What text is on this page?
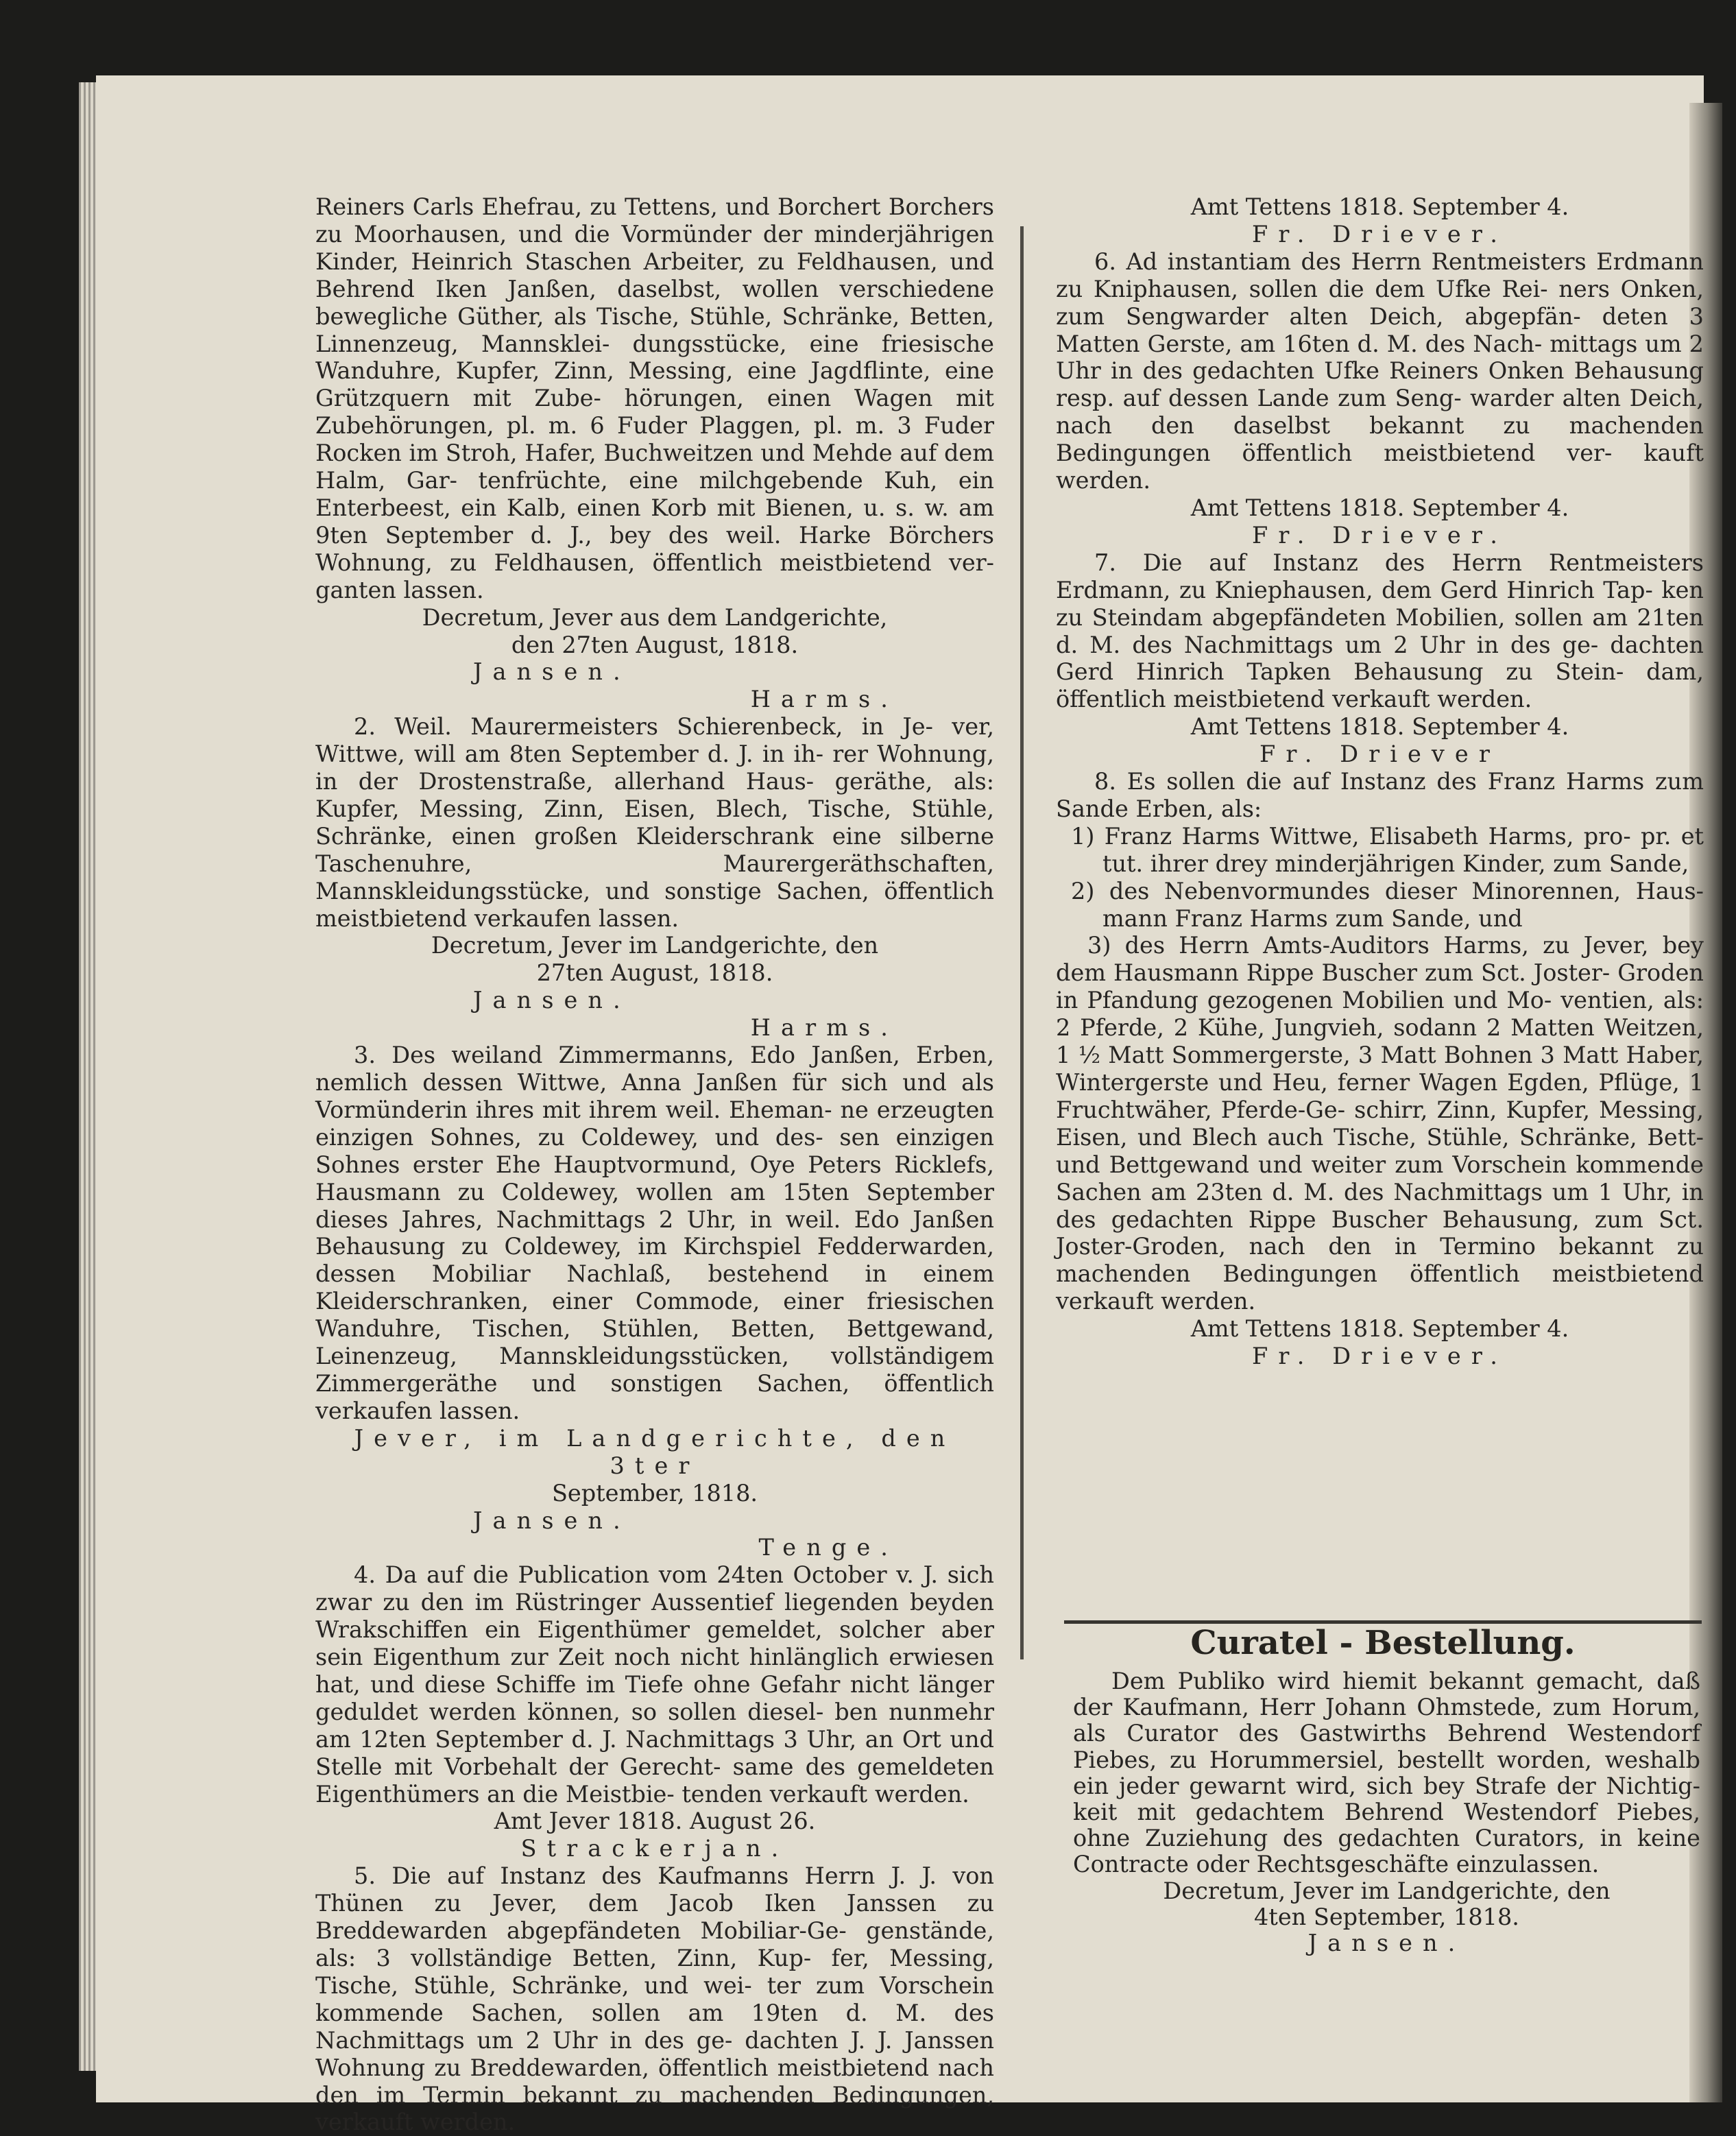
Reiners Carls Ehefrau, zu Tettens, und Borchert Borchers zu Moorhausen, und die Vormünder der minderjährigen Kinder, Heinrich Staschen Arbeiter, zu Feldhausen, und Behrend Iken Janßen, daselbst, wollen verschiedene bewegliche Güther, als Tische, Stühle, Schränke, Betten, Linnenzeug, Mannsklei- dungsstücke, eine friesische Wanduhre, Kupfer, Zinn, Messing, eine Jagdflinte, eine Grützquern mit Zube- hörungen, einen Wagen mit Zubehörungen, pl. m. 6 Fuder Plaggen, pl. m. 3 Fuder Rocken im Stroh, Hafer, Buchweitzen und Mehde auf dem Halm, Gar- tenfrüchte, eine milchgebende Kuh, ein Enterbeest, ein Kalb, einen Korb mit Bienen, u. s. w. am 9ten September d. J., bey des weil. Harke Börchers Wohnung, zu Feldhausen, öffentlich meistbietend ver- ganten lassen.

Decretum, Jever aus dem Landgerichte,

den 27ten August, 1818.

Jansen.

Harms.

2. Weil. Maurermeisters Schierenbeck, in Je- ver, Wittwe, will am 8ten September d. J. in ih- rer Wohnung, in der Drostenstraße, allerhand Haus- geräthe, als: Kupfer, Messing, Zinn, Eisen, Blech, Tische, Stühle, Schränke, einen großen Kleiderschrank eine silberne Taschenuhre, Maurergeräthschaften, Mannskleidungsstücke, und sonstige Sachen, öffentlich meistbietend verkaufen lassen.

Decretum, Jever im Landgerichte, den

27ten August, 1818.

Jansen.

Harms.

3. Des weiland Zimmermanns, Edo Janßen, Erben, nemlich dessen Wittwe, Anna Janßen für sich und als Vormünderin ihres mit ihrem weil. Eheman- ne erzeugten einzigen Sohnes, zu Coldewey, und des- sen einzigen Sohnes erster Ehe Hauptvormund, Oye Peters Ricklefs, Hausmann zu Coldewey, wollen am 15ten September dieses Jahres, Nachmittags 2 Uhr, in weil. Edo Janßen Behausung zu Coldewey, im Kirchspiel Fedderwarden, dessen Mobiliar Nachlaß, bestehend in einem Kleiderschranken, einer Commode, einer friesischen Wanduhre, Tischen, Stühlen, Betten, Bettgewand, Leinenzeug, Mannskleidungsstücken, vollständigem Zimmergeräthe und sonstigen Sachen, öffentlich verkaufen lassen.

Jever, im Landgerichte, den 3ter

September, 1818.

Jansen.

Tenge.

4. Da auf die Publication vom 24ten October v. J. sich zwar zu den im Rüstringer Aussentief liegenden beyden Wrakschiffen ein Eigenthümer gemeldet, solcher aber sein Eigenthum zur Zeit noch nicht hinlänglich erwiesen hat, und diese Schiffe im Tiefe ohne Gefahr nicht länger geduldet werden können, so sollen diesel- ben nunmehr am 12ten September d. J. Nachmittags 3 Uhr, an Ort und Stelle mit Vorbehalt der Gerecht- same des gemeldeten Eigenthümers an die Meistbie- tenden verkauft werden.

Amt Jever 1818. August 26.

Strackerjan.

5. Die auf Instanz des Kaufmanns Herrn J. J. von Thünen zu Jever, dem Jacob Iken Janssen zu Breddewarden abgepfändeten Mobiliar-Ge- genstände, als: 3 vollständige Betten, Zinn, Kup- fer, Messing, Tische, Stühle, Schränke, und wei- ter zum Vorschein kommende Sachen, sollen am 19ten d. M. des Nachmittags um 2 Uhr in des ge- dachten J. J. Janssen Wohnung zu Breddewarden, öffentlich meistbietend nach den im Termin bekannt zu machenden Bedingungen, verkauft werden.

Amt Tettens 1818. September 4.

Fr. Driever.

6. Ad instantiam des Herrn Rentmeisters Erdmann zu Kniphausen, sollen die dem Ufke Rei- ners Onken, zum Sengwarder alten Deich, abgepfän- deten 3 Matten Gerste, am 16ten d. M. des Nach- mittags um 2 Uhr in des gedachten Ufke Reiners Onken Behausung resp. auf dessen Lande zum Seng- warder alten Deich, nach den daselbst bekannt zu machenden Bedingungen öffentlich meistbietend ver- kauft werden.

Amt Tettens 1818. September 4.

Fr. Driever.

7. Die auf Instanz des Herrn Rentmeisters Erdmann, zu Kniephausen, dem Gerd Hinrich Tap- ken zu Steindam abgepfändeten Mobilien, sollen am 21ten d. M. des Nachmittags um 2 Uhr in des ge- dachten Gerd Hinrich Tapken Behausung zu Stein- dam, öffentlich meistbietend verkauft werden.

Amt Tettens 1818. September 4.

Fr. Driever

8. Es sollen die auf Instanz des Franz Harms zum Sande Erben, als:

1) Franz Harms Wittwe, Elisabeth Harms, pro- pr. et tut. ihrer drey minderjährigen Kinder, zum Sande,

2) des Nebenvormundes dieser Minorennen, Haus- mann Franz Harms zum Sande, und

3) des Herrn Amts-Auditors Harms, zu Jever, bey dem Hausmann Rippe Buscher zum Sct. Joster- Groden in Pfandung gezogenen Mobilien und Mo- ventien, als: 2 Pferde, 2 Kühe, Jungvieh, sodann 2 Matten Weitzen, 1 ½ Matt Sommergerste, 3 Matt Bohnen 3 Matt Haber, Wintergerste und Heu, ferner Wagen Egden, Pflüge, 1 Fruchtwäher, Pferde-Ge- schirr, Zinn, Kupfer, Messing, Eisen, und Blech auch Tische, Stühle, Schränke, Bett- und Bettgewand und weiter zum Vorschein kommende Sachen am 23ten d. M. des Nachmittags um 1 Uhr, in des gedachten Rippe Buscher Behausung, zum Sct. Joster-Groden, nach den in Termino bekannt zu machenden Bedingungen öffentlich meistbietend verkauft werden.

Amt Tettens 1818. September 4.

Fr. Driever.

Curatel - Bestellung.

Dem Publiko wird hiemit bekannt gemacht, daß der Kaufmann, Herr Johann Ohmstede, zum Horum, als Curator des Gastwirths Behrend Westendorf Piebes, zu Horummersiel, bestellt worden, weshalb ein jeder gewarnt wird, sich bey Strafe der Nichtig- keit mit gedachtem Behrend Westendorf Piebes, ohne Zuziehung des gedachten Curators, in keine Contracte oder Rechtsgeschäfte einzulassen.

Decretum, Jever im Landgerichte, den

4ten September, 1818.

Jansen.
